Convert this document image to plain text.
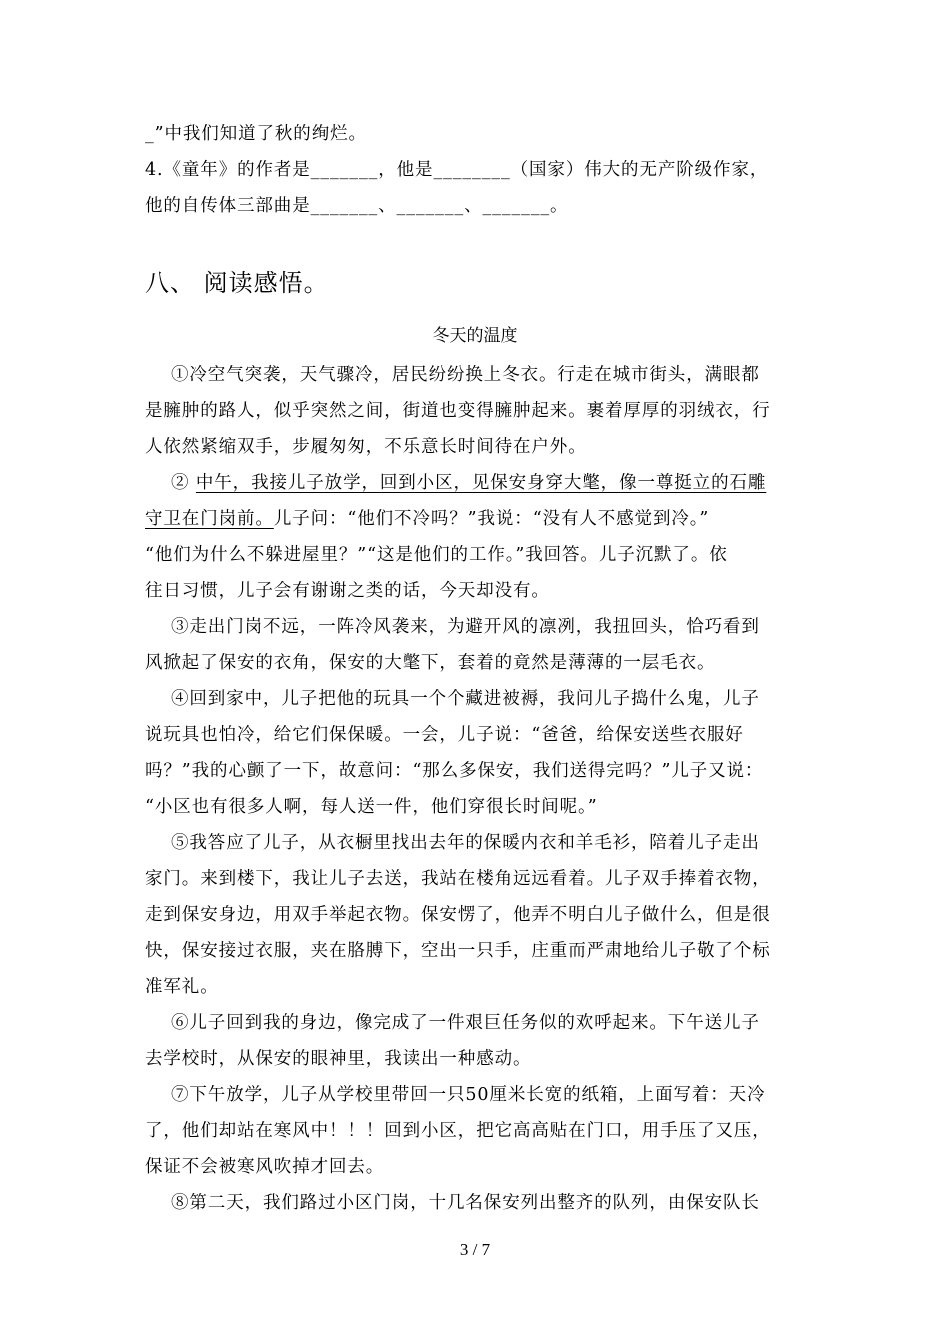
_”中我们知道了秋的绚烂。
4.《童年》的作者是_______，他是________（国家）伟大的无产阶级作家，
他的自传体三部曲是_______、_______、_______。
八、 阅读感悟。
冬天的温度
①冷空气突袭，天气骤冷，居民纷纷换上冬衣。行走在城市街头，满眼都
是臃肿的路人，似乎突然之间，街道也变得臃肿起来。裹着厚厚的羽绒衣，行
人依然紧缩双手，步履匆匆，不乐意长时间待在户外。
② 中午，我接儿子放学，回到小区，见保安身穿大氅，像一尊挺立的石雕
守卫在门岗前。儿子问：“他们不冷吗？”我说：“没有人不感觉到冷。”
“他们为什么不躲进屋里？”“这是他们的工作。”我回答。儿子沉默了。依
往日习惯，儿子会有谢谢之类的话，今天却没有。
③走出门岗不远，一阵冷风袭来，为避开风的凛冽，我扭回头，恰巧看到
风掀起了保安的衣角，保安的大氅下，套着的竟然是薄薄的一层毛衣。
④回到家中，儿子把他的玩具一个个藏进被褥，我问儿子捣什么鬼，儿子
说玩具也怕冷，给它们保保暖。一会，儿子说：“爸爸，给保安送些衣服好
吗？”我的心颤了一下，故意问：“那么多保安，我们送得完吗？”儿子又说：
“小区也有很多人啊，每人送一件，他们穿很长时间呢。”
⑤我答应了儿子，从衣橱里找出去年的保暖内衣和羊毛衫，陪着儿子走出
家门。来到楼下，我让儿子去送，我站在楼角远远看着。儿子双手捧着衣物，
走到保安身边，用双手举起衣物。保安愣了，他弄不明白儿子做什么，但是很
快，保安接过衣服，夹在胳膊下，空出一只手，庄重而严肃地给儿子敬了个标
准军礼。
⑥儿子回到我的身边，像完成了一件艰巨任务似的欢呼起来。下午送儿子
去学校时，从保安的眼神里，我读出一种感动。
⑦下午放学，儿子从学校里带回一只50厘米长宽的纸箱，上面写着：天冷
了，他们却站在寒风中！！！回到小区，把它高高贴在门口，用手压了又压，
保证不会被寒风吹掉才回去。
⑧第二天，我们路过小区门岗，十几名保安列出整齐的队列，由保安队长
3 / 7
